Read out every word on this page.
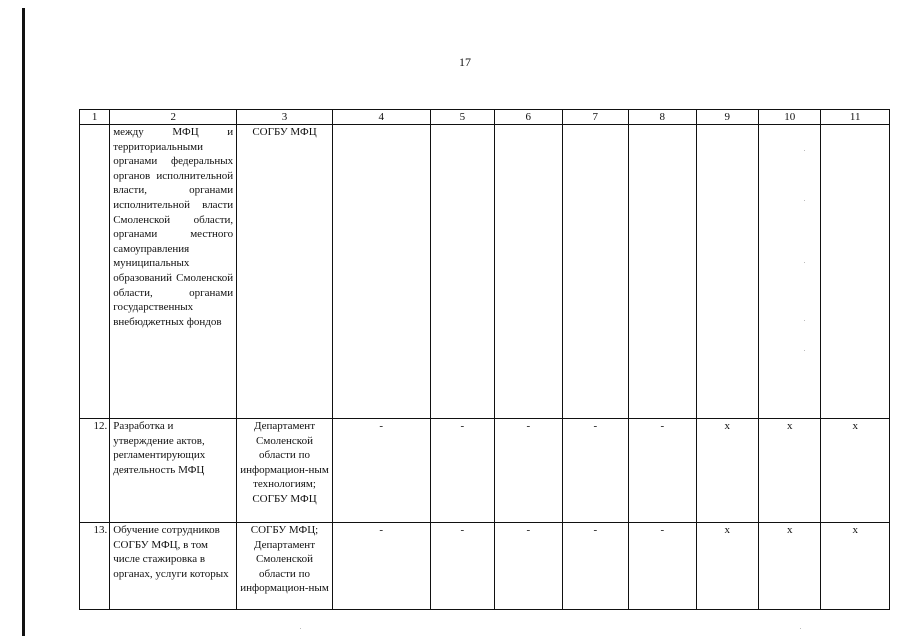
17
1	2	3	4	5	6	7	8	9	10	11
	между МФЦ и территориальными органами федеральных органов исполнительной власти, органами исполнительной власти Смоленской области, органами местного самоуправления муниципальных образований Смоленской области, органами государственных внебюджетных фондов	СОГБУ МФЦ								
12.	Разработка и утверждение актов, регламентирующих деятельность МФЦ	Департамент Смоленской области по информацион-ным технологиям; СОГБУ МФЦ	-	-	-	-	-	x	x	x
13.	Обучение сотрудников СОГБУ МФЦ, в том числе стажировка в органах, услуги которых	СОГБУ МФЦ; Департамент Смоленской области по информацион-ным	-	-	-	-	-	x	x	x
